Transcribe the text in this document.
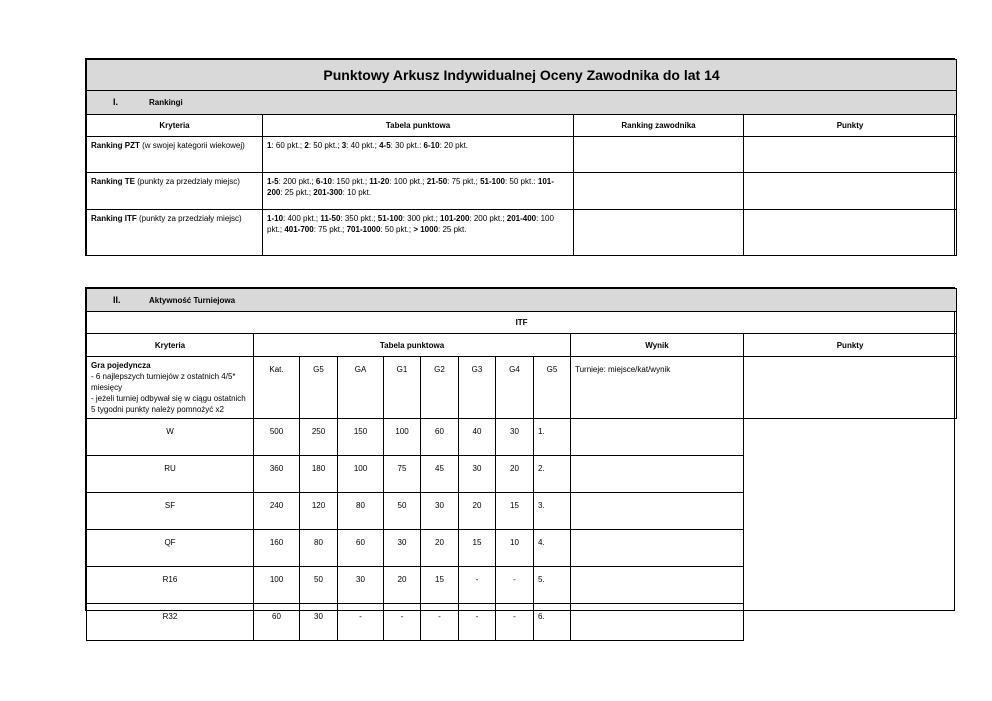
Punktowy Arkusz Indywidualnej Oceny Zawodnika do lat 14			
I. Rankingi			
Kryteria	Tabela punktowa	Ranking zawodnika	Punkty
Ranking PZT (w swojej kategorii wiekowej)	1: 60 pkt.; 2: 50 pkt.; 3: 40 pkt.; 4-5: 30 pkt.: 6-10: 20 pkt.		
Ranking TE (punkty za przedziały miejsc)	1-5: 200 pkt.; 6-10: 150 pkt.; 11-20: 100 pkt.; 21-50: 75 pkt.; 51-100: 50 pkt.: 101-200: 25 pkt.; 201-300: 10 pkt.		
Ranking ITF (punkty za przedziały miejsc)	1-10: 400 pkt.; 11-50: 350 pkt.; 51-100: 300 pkt.; 101-200: 200 pkt.; 201-400: 100 pkt.; 401-700: 75 pkt.; 701-1000: 50 pkt.; > 1000: 25 pkt.		
II. Aktywność Turniejowa										
ITF										
Kryteria	Tabela punktowa								Wynik	Punkty

Gra pojedyncza
- 6 najlepszych turniejów z ostatnich 4/5* miesięcy
- jeżeli turniej odbywał się w ciągu ostatnich 5 tygodni punkty należy pomnożyć x2	Kat.	G5	GA	G1	G2	G3	G4	G5	Turnieje: miejsce/kat/wynik	
W	500	250	150	100	60	40	30	1.		
RU	360	180	100	75	45	30	20	2.		
SF	240	120	80	50	30	20	15	3.		
QF	160	80	60	30	20	15	10	4.		
R16	100	50	30	20	15	-	-	5.		
R32	60	30	-	-	-	-	-	6.		
